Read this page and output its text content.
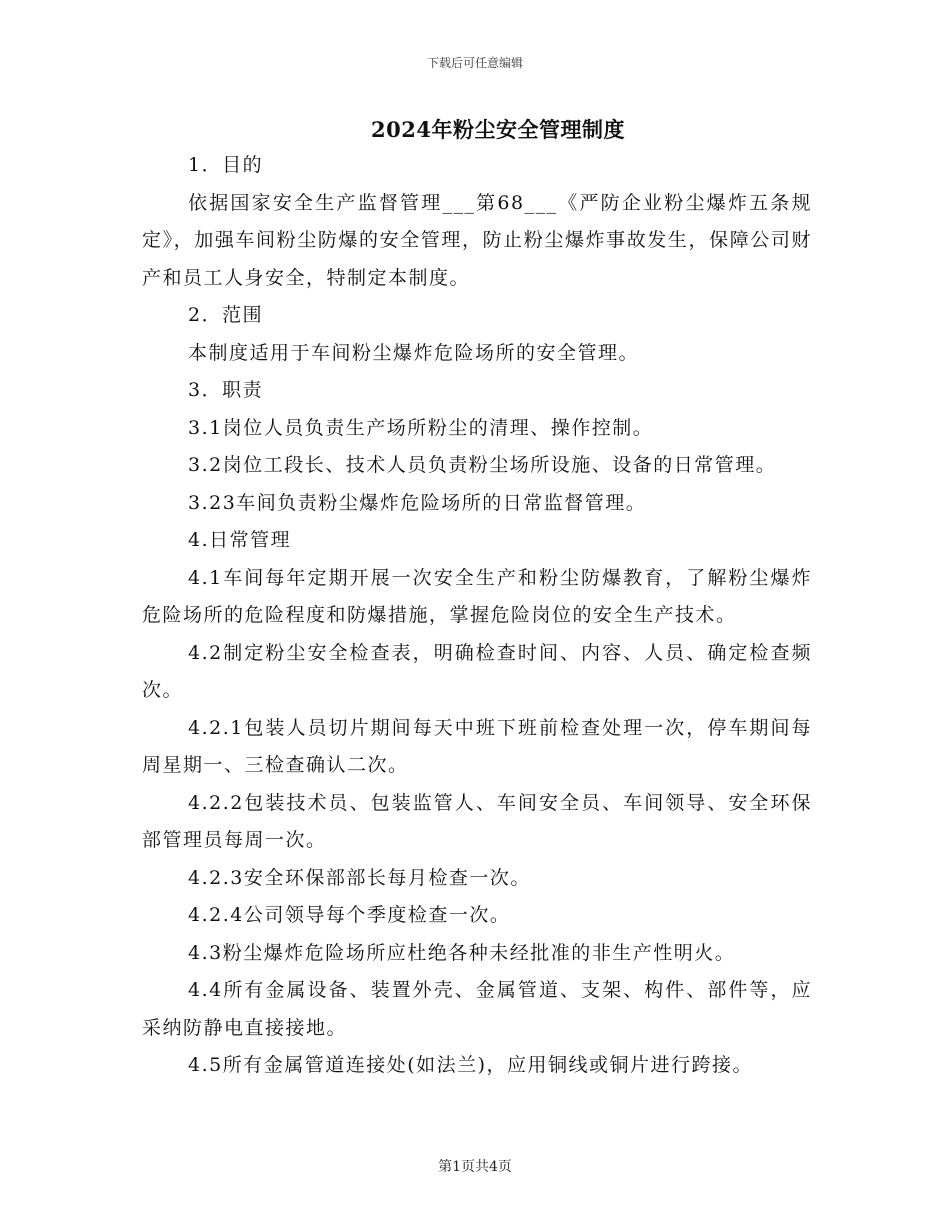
下载后可任意编辑
2024年粉尘安全管理制度

1．目的

依据国家安全生产监督管理___第68___《严防企业粉尘爆炸五条规定》，加强车间粉尘防爆的安全管理，防止粉尘爆炸事故发生，保障公司财产和员工人身安全，特制定本制度。

2．范围

本制度适用于车间粉尘爆炸危险场所的安全管理。

3．职责

3.1岗位人员负责生产场所粉尘的清理、操作控制。

3.2岗位工段长、技术人员负责粉尘场所设施、设备的日常管理。

3.23车间负责粉尘爆炸危险场所的日常监督管理。

4.日常管理

4.1车间每年定期开展一次安全生产和粉尘防爆教育，了解粉尘爆炸危险场所的危险程度和防爆措施，掌握危险岗位的安全生产技术。

4.2制定粉尘安全检查表，明确检查时间、内容、人员、确定检查频次。

4.2.1包装人员切片期间每天中班下班前检查处理一次，停车期间每周星期一、三检查确认二次。

4.2.2包装技术员、包装监管人、车间安全员、车间领导、安全环保部管理员每周一次。

4.2.3安全环保部部长每月检查一次。

4.2.4公司领导每个季度检查一次。

4.3粉尘爆炸危险场所应杜绝各种未经批准的非生产性明火。

4.4所有金属设备、装置外壳、金属管道、支架、构件、部件等，应采纳防静电直接接地。

4.5所有金属管道连接处(如法兰)，应用铜线或铜片进行跨接。

第1页共4页
